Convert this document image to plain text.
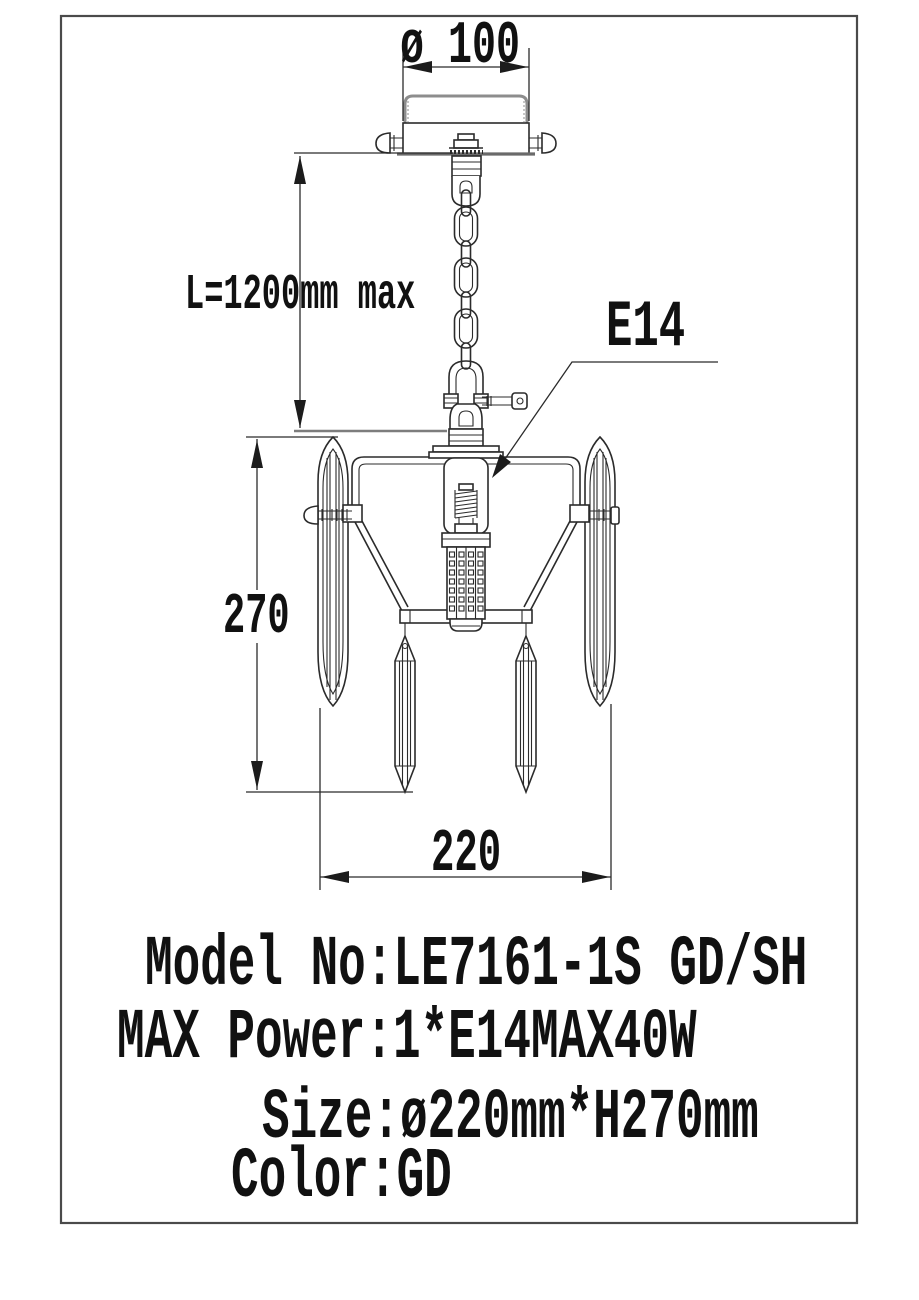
ø 100
L=1200mm max
270
220
E14
Model No:LE7161-1S GD/SH
MAX Power:1*E14MAX40W
Size:ø220mm*H270mm
Color:GD
